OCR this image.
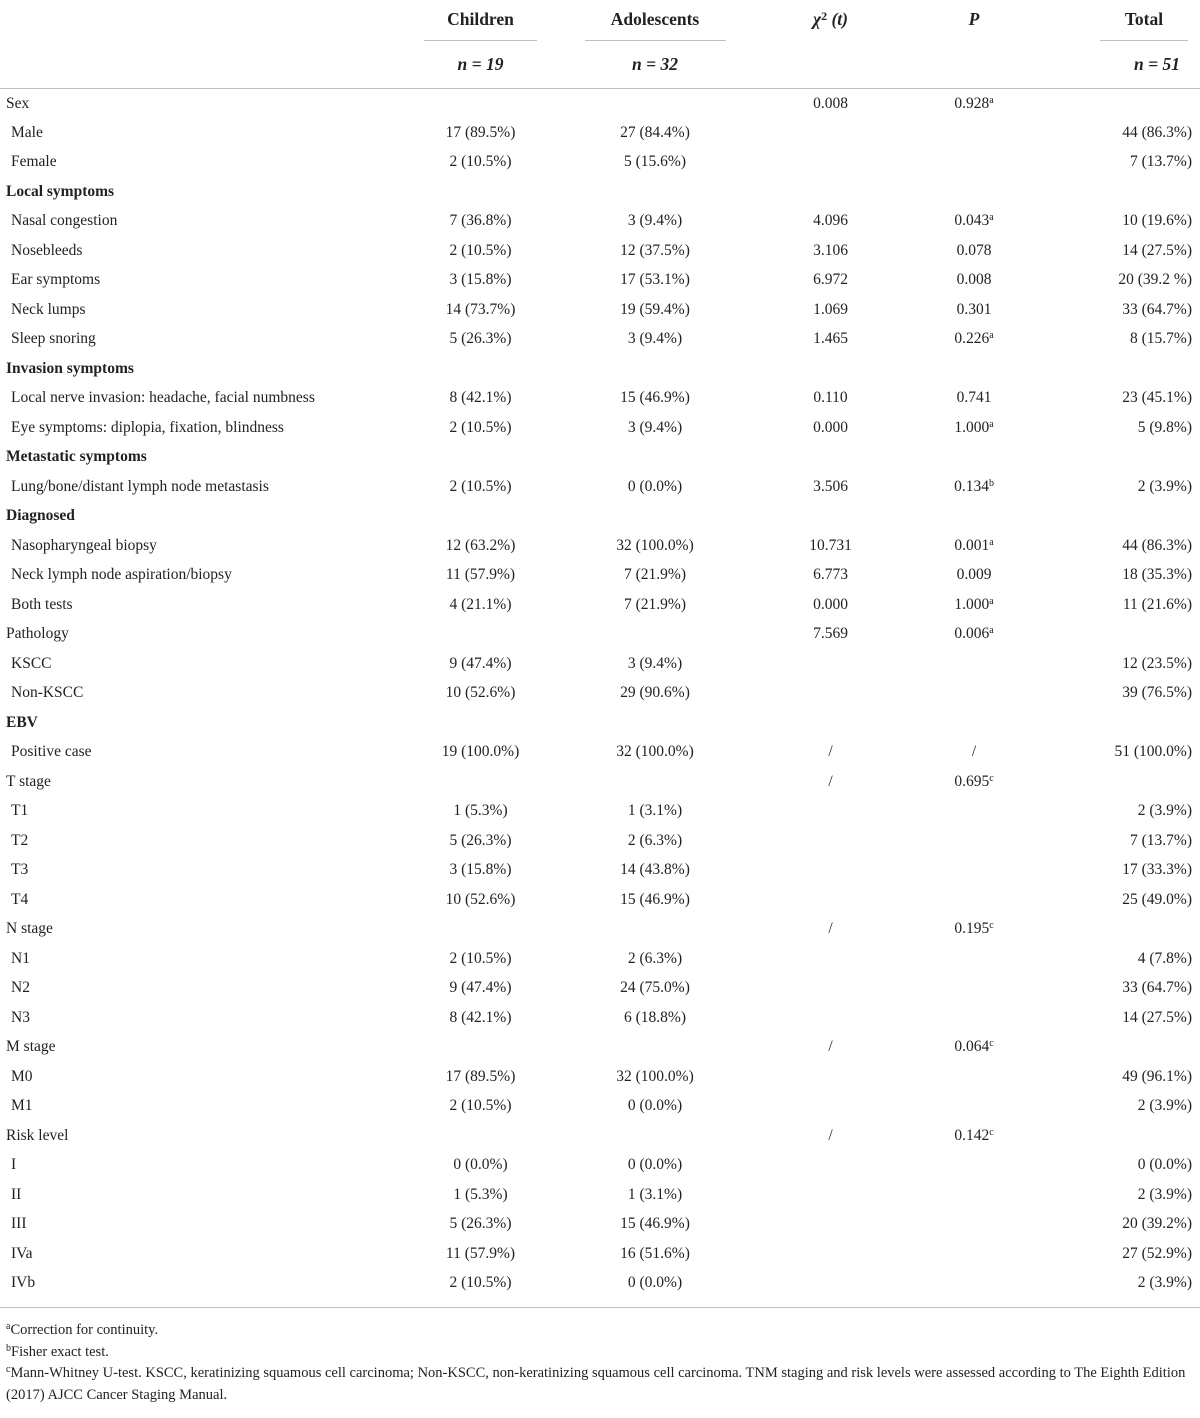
	Children	Adolescents	$\chi^2$ (t)	P	Total
	n = 19	n = 32			n = 51
Sex			0.008	0.928$^a$	
Male	17 (89.5%)	27 (84.4%)			44 (86.3%)
Female	2 (10.5%)	5 (15.6%)			7 (13.7%)
Local symptoms					
Nasal congestion	7 (36.8%)	3 (9.4%)	4.096	0.043$^a$	10 (19.6%)
Nosebleeds	2 (10.5%)	12 (37.5%)	3.106	0.078	14 (27.5%)
Ear symptoms	3 (15.8%)	17 (53.1%)	6.972	0.008	20 (39.2 %)
Neck lumps	14 (73.7%)	19 (59.4%)	1.069	0.301	33 (64.7%)
Sleep snoring	5 (26.3%)	3 (9.4%)	1.465	0.226$^a$	8 (15.7%)
Invasion symptoms					
Local nerve invasion: headache, facial numbness	8 (42.1%)	15 (46.9%)	0.110	0.741	23 (45.1%)
Eye symptoms: diplopia, fixation, blindness	2 (10.5%)	3 (9.4%)	0.000	1.000$^a$	5 (9.8%)
Metastatic symptoms					
Lung/bone/distant lymph node metastasis	2 (10.5%)	0 (0.0%)	3.506	0.134$^b$	2 (3.9%)
Diagnosed					
Nasopharyngeal biopsy	12 (63.2%)	32 (100.0%)	10.731	0.001$^a$	44 (86.3%)
Neck lymph node aspiration/biopsy	11 (57.9%)	7 (21.9%)	6.773	0.009	18 (35.3%)
Both tests	4 (21.1%)	7 (21.9%)	0.000	1.000$^a$	11 (21.6%)
Pathology			7.569	0.006$^a$	
KSCC	9 (47.4%)	3 (9.4%)			12 (23.5%)
Non-KSCC	10 (52.6%)	29 (90.6%)			39 (76.5%)
EBV					
Positive case	19 (100.0%)	32 (100.0%)	/	/	51 (100.0%)
T stage			/	0.695$^c$	
T1	1 (5.3%)	1 (3.1%)			2 (3.9%)
T2	5 (26.3%)	2 (6.3%)			7 (13.7%)
T3	3 (15.8%)	14 (43.8%)			17 (33.3%)
T4	10 (52.6%)	15 (46.9%)			25 (49.0%)
N stage			/	0.195$^c$	
N1	2 (10.5%)	2 (6.3%)			4 (7.8%)
N2	9 (47.4%)	24 (75.0%)			33 (64.7%)
N3	8 (42.1%)	6 (18.8%)			14 (27.5%)
M stage			/	0.064$^c$	
M0	17 (89.5%)	32 (100.0%)			49 (96.1%)
M1	2 (10.5%)	0 (0.0%)			2 (3.9%)
Risk level			/	0.142$^c$	
I	0 (0.0%)	0 (0.0%)			0 (0.0%)
II	1 (5.3%)	1 (3.1%)			2 (3.9%)
III	5 (26.3%)	15 (46.9%)			20 (39.2%)
IVa	11 (57.9%)	16 (51.6%)			27 (52.9%)
IVb	2 (10.5%)	0 (0.0%)			2 (3.9%)
$^a$Correction for continuity.
$^b$Fisher exact test.
$^c$Mann-Whitney U-test. KSCC, keratinizing squamous cell carcinoma; Non-KSCC, non-keratinizing squamous cell carcinoma. TNM staging and risk levels were assessed according to The Eighth Edition (2017) AJCC Cancer Staging Manual.
